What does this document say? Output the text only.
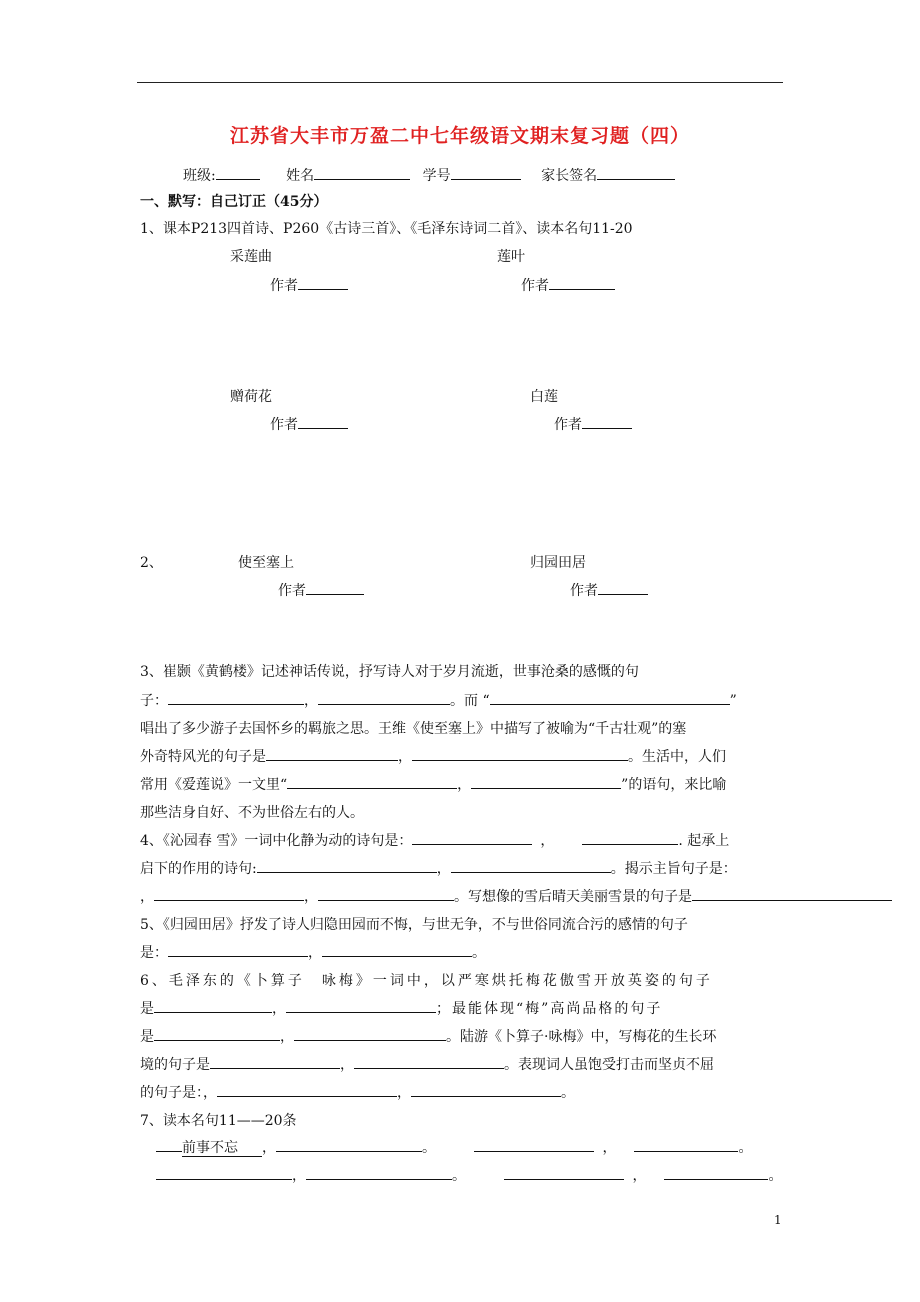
江苏省大丰市万盈二中七年级语文期末复习题（四）
班级:	姓名	学号	家长签名
一、默写：自己订正（45分）
1、课本P213四首诗、P260《古诗三首》、《毛泽东诗词二首》、读本名句11-20
采莲曲	莲叶
作者	作者
赠荷花	白莲
作者	作者
2、	使至塞上	归园田居
作者	作者
3、崔颢《黄鹤楼》记述神话传说，抒写诗人对于岁月流逝，世事沧桑的感慨的句
子：	，	。而 “	”
唱出了多少游子去国怀乡的羁旅之思。王维《使至塞上》中描写了被喻为“千古壮观”的塞
外奇特风光的句子是	，	。生活中，人们
常用《爱莲说》一文里“	，	”的语句，来比喻
那些洁身自好、不为世俗左右的人。
4、《沁园春 雪》一词中化静为动的诗句是：	，	. 起承上
启下的作用的诗句:	，	。揭示主旨句子是：
，	，	。写想像的雪后晴天美丽雪景的句子是
5、《归园田居》抒发了诗人归隐田园而不悔，与世无争，不与世俗同流合污的感情的句子
是：	，	。
6、毛泽东的《卜算子　咏梅》一词中，以严寒烘托梅花傲雪开放英姿的句子
是	，	；最能体现“梅”高尚品格的句子
是	，	。陆游《卜算子·咏梅》中，写梅花的生长环
境的句子是	，	。表现词人虽饱受打击而坚贞不屈
的句子是：，	，	。
7、读本名句11——20条
前事不忘 ，	。	，	。
，	。	，	。
1
